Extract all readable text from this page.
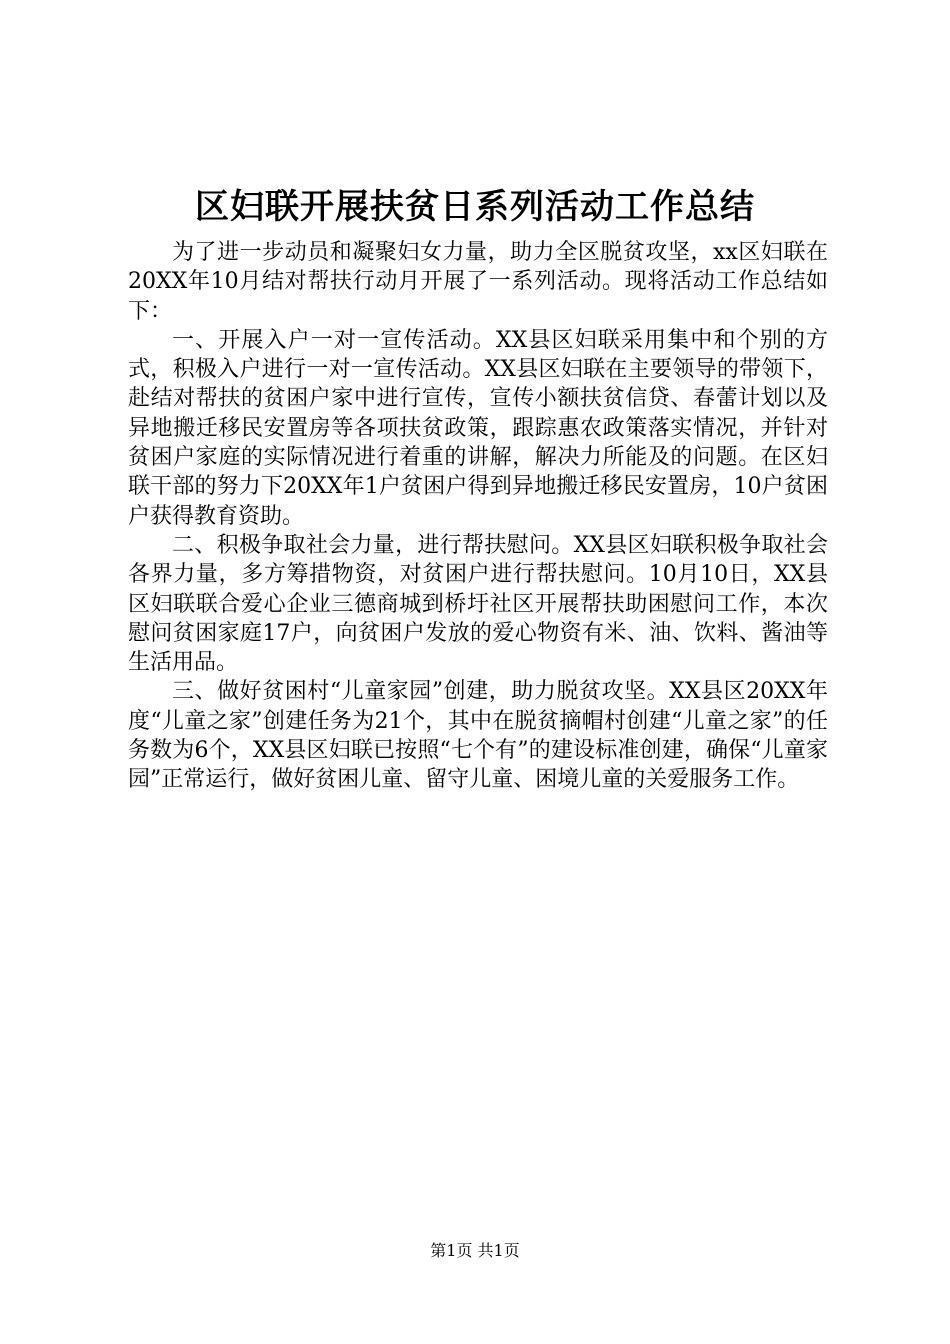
区妇联开展扶贫日系列活动工作总结

为了进一步动员和凝聚妇女力量，助力全区脱贫攻坚，xx区妇联在20XX年10月结对帮扶行动月开展了一系列活动。现将活动工作总结如下：

一、开展入户一对一宣传活动。XX县区妇联采用集中和个别的方式，积极入户进行一对一宣传活动。XX县区妇联在主要领导的带领下，赴结对帮扶的贫困户家中进行宣传，宣传小额扶贫信贷、春蕾计划以及异地搬迁移民安置房等各项扶贫政策，跟踪惠农政策落实情况，并针对贫困户家庭的实际情况进行着重的讲解，解决力所能及的问题。在区妇联干部的努力下20XX年1户贫困户得到异地搬迁移民安置房，10户贫困户获得教育资助。

二、积极争取社会力量，进行帮扶慰问。XX县区妇联积极争取社会各界力量，多方筹措物资，对贫困户进行帮扶慰问。10月10日，XX县区妇联联合爱心企业三德商城到桥圩社区开展帮扶助困慰问工作，本次慰问贫困家庭17户，向贫困户发放的爱心物资有米、油、饮料、酱油等生活用品。

三、做好贫困村“儿童家园”创建，助力脱贫攻坚。XX县区20XX年度“儿童之家”创建任务为21个，其中在脱贫摘帽村创建“儿童之家”的任务数为6个，XX县区妇联已按照“七个有”的建设标准创建，确保“儿童家园”正常运行，做好贫困儿童、留守儿童、困境儿童的关爱服务工作。

第1页 共1页
